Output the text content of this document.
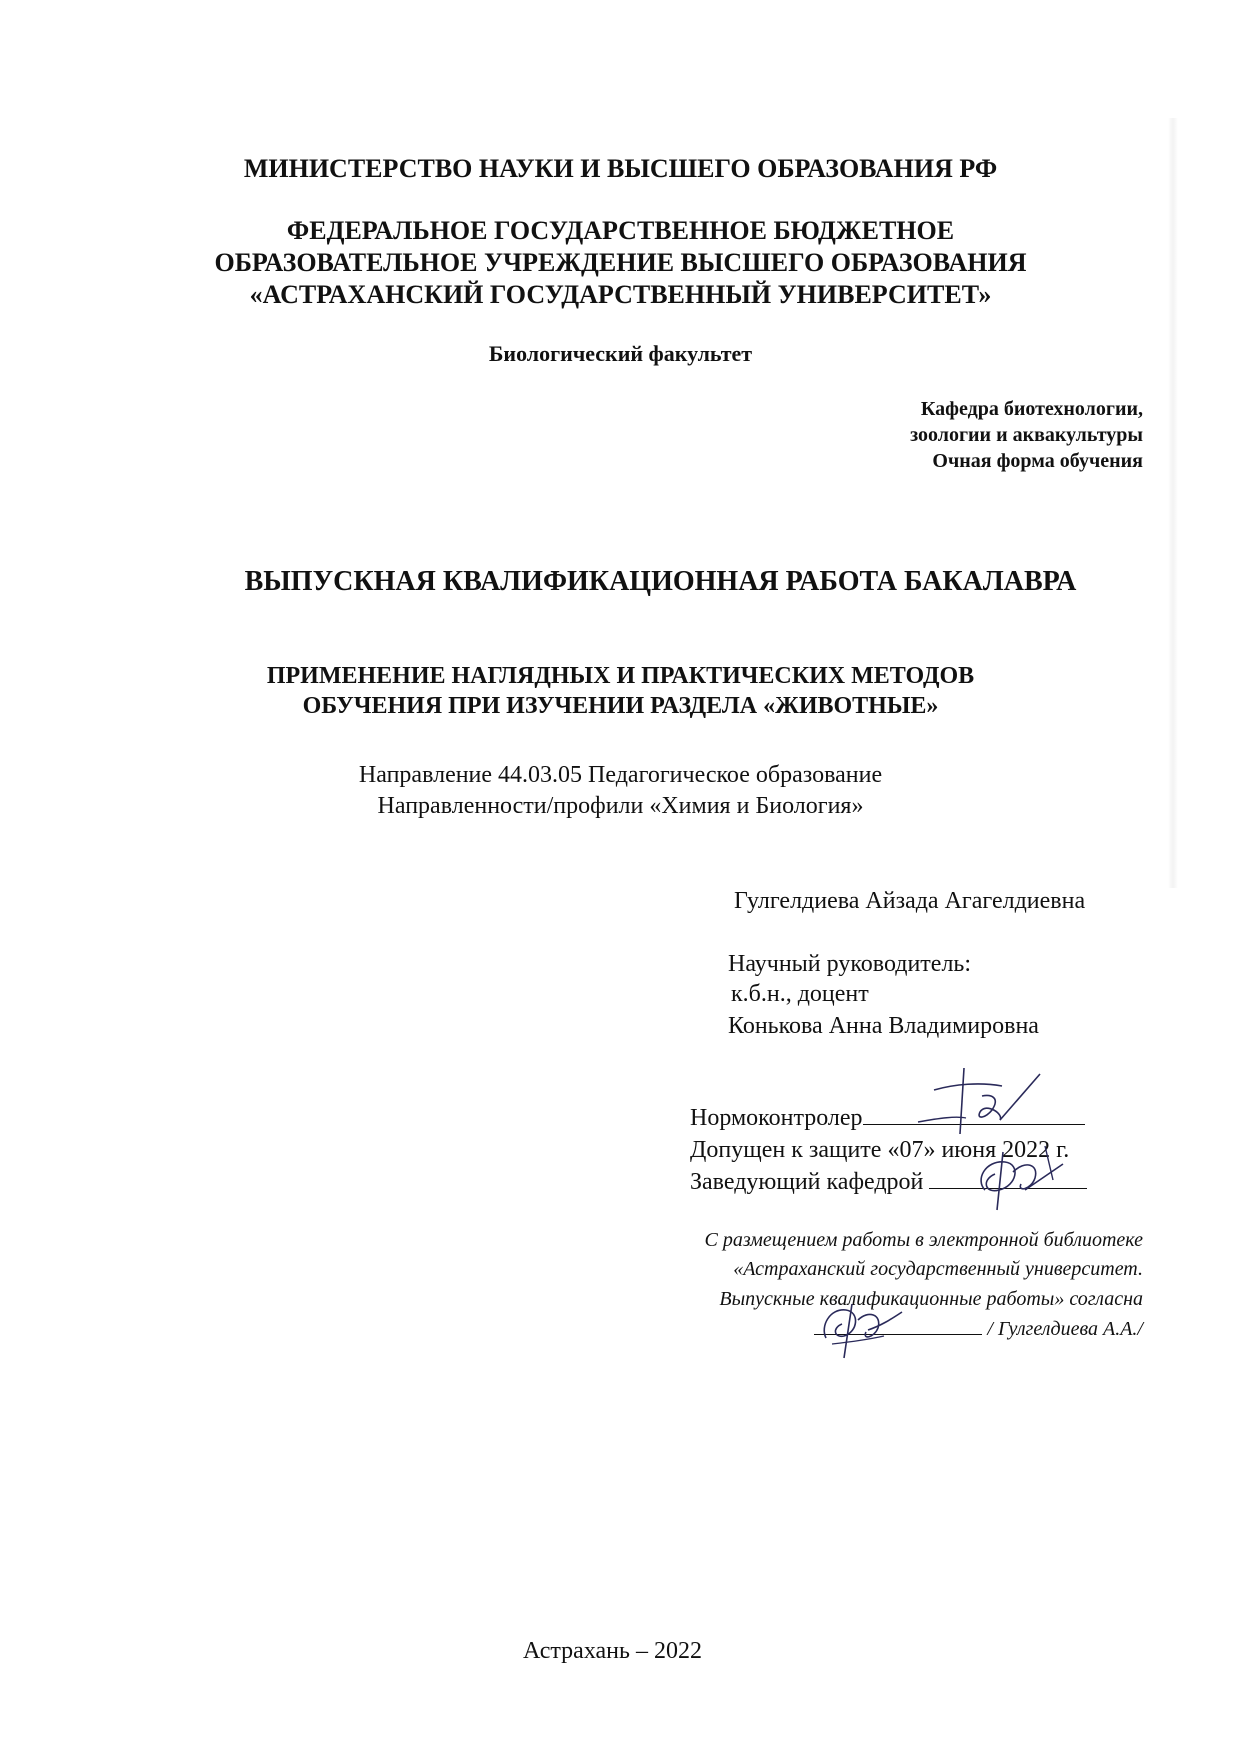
МИНИСТЕРСТВО НАУКИ И ВЫСШЕГО ОБРАЗОВАНИЯ РФ
ФЕДЕРАЛЬНОЕ ГОСУДАРСТВЕННОЕ БЮДЖЕТНОЕ
ОБРАЗОВАТЕЛЬНОЕ УЧРЕЖДЕНИЕ ВЫСШЕГО ОБРАЗОВАНИЯ
«АСТРАХАНСКИЙ ГОСУДАРСТВЕННЫЙ УНИВЕРСИТЕТ»
Биологический факультет
Кафедра биотехнологии,
зоологии и аквакультуры
Очная форма обучения
ВЫПУСКНАЯ КВАЛИФИКАЦИОННАЯ РАБОТА БАКАЛАВРА
ПРИМЕНЕНИЕ НАГЛЯДНЫХ И ПРАКТИЧЕСКИХ МЕТОДОВ
ОБУЧЕНИЯ ПРИ ИЗУЧЕНИИ РАЗДЕЛА «ЖИВОТНЫЕ»
Направление 44.03.05 Педагогическое образование
Направленности/профили «Химия и Биология»
Гулгелдиева Айзада Агагелдиевна
Научный руководитель:
к.б.н., доцент
Конькова Анна Владимировна
Нормоконтролер
Допущен к защите «07» июня 2022 г.
Заведующий кафедрой
С размещением работы в электронной библиотеке
«Астраханский государственный университет.
Выпускные квалификационные работы» согласна
/ Гулгелдиева А.А./
Астрахань – 2022
